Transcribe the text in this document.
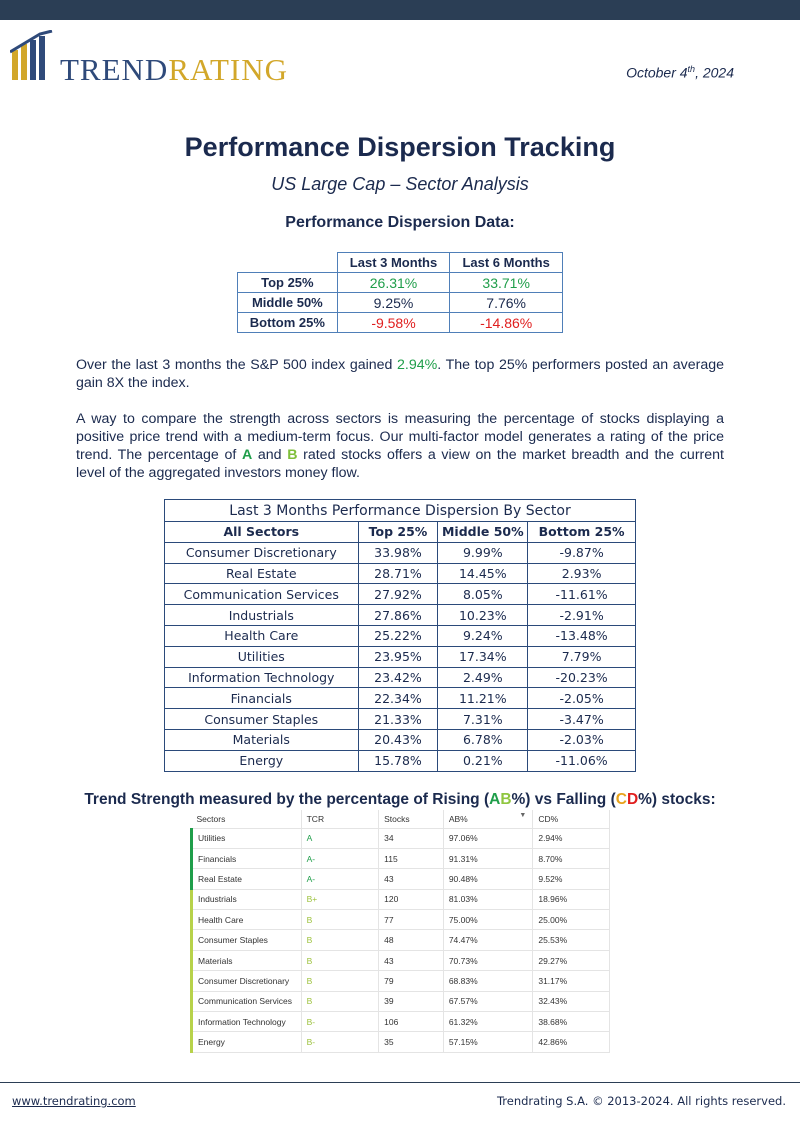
TRENDRATING	October 4th, 2024
Performance Dispersion Tracking
US Large Cap – Sector Analysis
Performance Dispersion Data:
	Last 3 Months	Last 6 Months
Top 25%	26.31%	33.71%
Middle 50%	9.25%	7.76%
Bottom 25%	-9.58%	-14.86%

Over the last 3 months the S&P 500 index gained 2.94%. The top 25% performers posted an average gain 8X the index.

A way to compare the strength across sectors is measuring the percentage of stocks displaying a positive price trend with a medium-term focus. Our multi-factor model generates a rating of the price trend. The percentage of A and B rated stocks offers a view on the market breadth and the current level of the aggregated investors money flow.

Last 3 Months Performance Dispersion By Sector			
All Sectors	Top 25%	Middle 50%	Bottom 25%
Consumer Discretionary	33.98%	9.99%	-9.87%
Real Estate	28.71%	14.45%	2.93%
Communication Services	27.92%	8.05%	-11.61%
Industrials	27.86%	10.23%	-2.91%
Health Care	25.22%	9.24%	-13.48%
Utilities	23.95%	17.34%	7.79%
Information Technology	23.42%	2.49%	-20.23%
Financials	22.34%	11.21%	-2.05%
Consumer Staples	21.33%	7.31%	-3.47%
Materials	20.43%	6.78%	-2.03%
Energy	15.78%	0.21%	-11.06%
Trend Strength measured by the percentage of Rising (AB%) vs Falling (CD%) stocks:
Sectors	TCR	Stocks	AB% ▼	CD%
Utilities	A	34	97.06%	2.94%
Financials	A-	115	91.31%	8.70%
Real Estate	A-	43	90.48%	9.52%
Industrials	B+	120	81.03%	18.96%
Health Care	B	77	75.00%	25.00%
Consumer Staples	B	48	74.47%	25.53%
Materials	B	43	70.73%	29.27%
Consumer Discretionary	B	79	68.83%	31.17%
Communication Services	B	39	67.57%	32.43%
Information Technology	B-	106	61.32%	38.68%
Energy	B-	35	57.15%	42.86%
www.trendrating.com	Trendrating S.A. © 2013-2024. All rights reserved.
